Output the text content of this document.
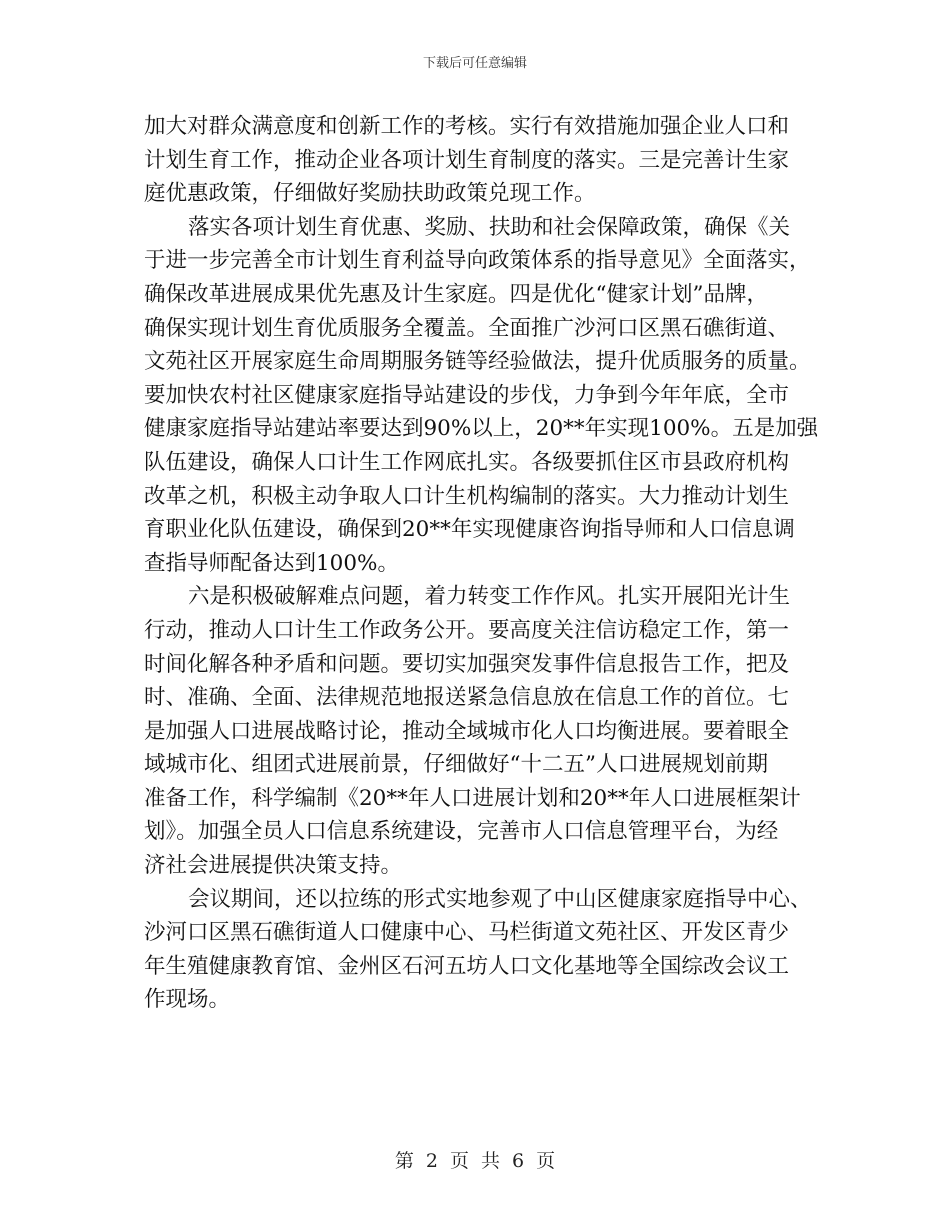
下载后可任意编辑
加大对群众满意度和创新工作的考核。实行有效措施加强企业人口和
计划生育工作，推动企业各项计划生育制度的落实。三是完善计生家
庭优惠政策，仔细做好奖励扶助政策兑现工作。
落实各项计划生育优惠、奖励、扶助和社会保障政策，确保《关
于进一步完善全市计划生育利益导向政策体系的指导意见》全面落实，
确保改革进展成果优先惠及计生家庭。四是优化“健家计划”品牌，
确保实现计划生育优质服务全覆盖。全面推广沙河口区黑石礁街道、
文苑社区开展家庭生命周期服务链等经验做法，提升优质服务的质量。
要加快农村社区健康家庭指导站建设的步伐，力争到今年年底，全市
健康家庭指导站建站率要达到90%以上，20**年实现100%。五是加强
队伍建设，确保人口计生工作网底扎实。各级要抓住区市县政府机构
改革之机，积极主动争取人口计生机构编制的落实。大力推动计划生
育职业化队伍建设，确保到20**年实现健康咨询指导师和人口信息调
查指导师配备达到100%。
六是积极破解难点问题，着力转变工作作风。扎实开展阳光计生
行动，推动人口计生工作政务公开。要高度关注信访稳定工作，第一
时间化解各种矛盾和问题。要切实加强突发事件信息报告工作，把及
时、准确、全面、法律规范地报送紧急信息放在信息工作的首位。七
是加强人口进展战略讨论，推动全域城市化人口均衡进展。要着眼全
域城市化、组团式进展前景，仔细做好“十二五”人口进展规划前期
准备工作，科学编制《20**年人口进展计划和20**年人口进展框架计
划》。加强全员人口信息系统建设，完善市人口信息管理平台，为经
济社会进展提供决策支持。
会议期间，还以拉练的形式实地参观了中山区健康家庭指导中心、
沙河口区黑石礁街道人口健康中心、马栏街道文苑社区、开发区青少
年生殖健康教育馆、金州区石河五坊人口文化基地等全国综改会议工
作现场。
第 2 页 共 6 页
